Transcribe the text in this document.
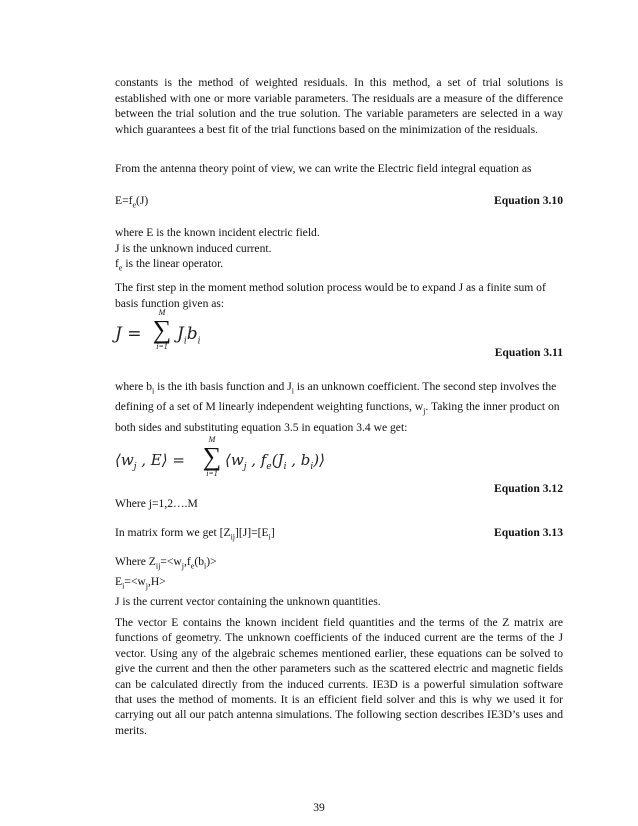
constants is the method of weighted residuals. In this method, a set of trial solutions is established with one or more variable parameters. The residuals are a measure of the difference between the trial solution and the true solution. The variable parameters are selected in a way which guarantees a best fit of the trial functions based on the minimization of the residuals.
From the antenna theory point of view, we can write the Electric field integral equation as
$E=f_e(J)$	Equation 3.10
where E is the known incident electric field.
J is the unknown induced current.
$f_e$ is the linear operator.
The first step in the moment method solution process would be to expand J as a finite sum of basis function given as:
J =
M
∑
i=1
$J_ib_i$
Equation 3.11
where $b_i$ is the ith basis function and $J_i$ is an unknown coefficient. The second step involves the defining of a set of M linearly independent weighting functions, $w_j$. Taking the inner product on both sides and substituting equation 3.5 in equation 3.4 we get:
$⟨w_j$ , E⟩ =
M
∑
i=1
$⟨w_j$ , $f_e(J_i$ , $b_i)⟩$
Equation 3.12
Where j=1,2….M
In matrix form we get $[Z_{ij}][J]=[E_i]$	Equation 3.13
Where $Z_{ij}=<w_j,f_e(b_i)>$
$E_i=<w_j,H>$
J is the current vector containing the unknown quantities.
The vector E contains the known incident field quantities and the terms of the Z matrix are functions of geometry. The unknown coefficients of the induced current are the terms of the J vector. Using any of the algebraic schemes mentioned earlier, these equations can be solved to give the current and then the other parameters such as the scattered electric and magnetic fields can be calculated directly from the induced currents. IE3D is a powerful simulation software that uses the method of moments. It is an efficient field solver and this is why we used it for carrying out all our patch antenna simulations. The following section describes IE3D’s uses and merits.
39
